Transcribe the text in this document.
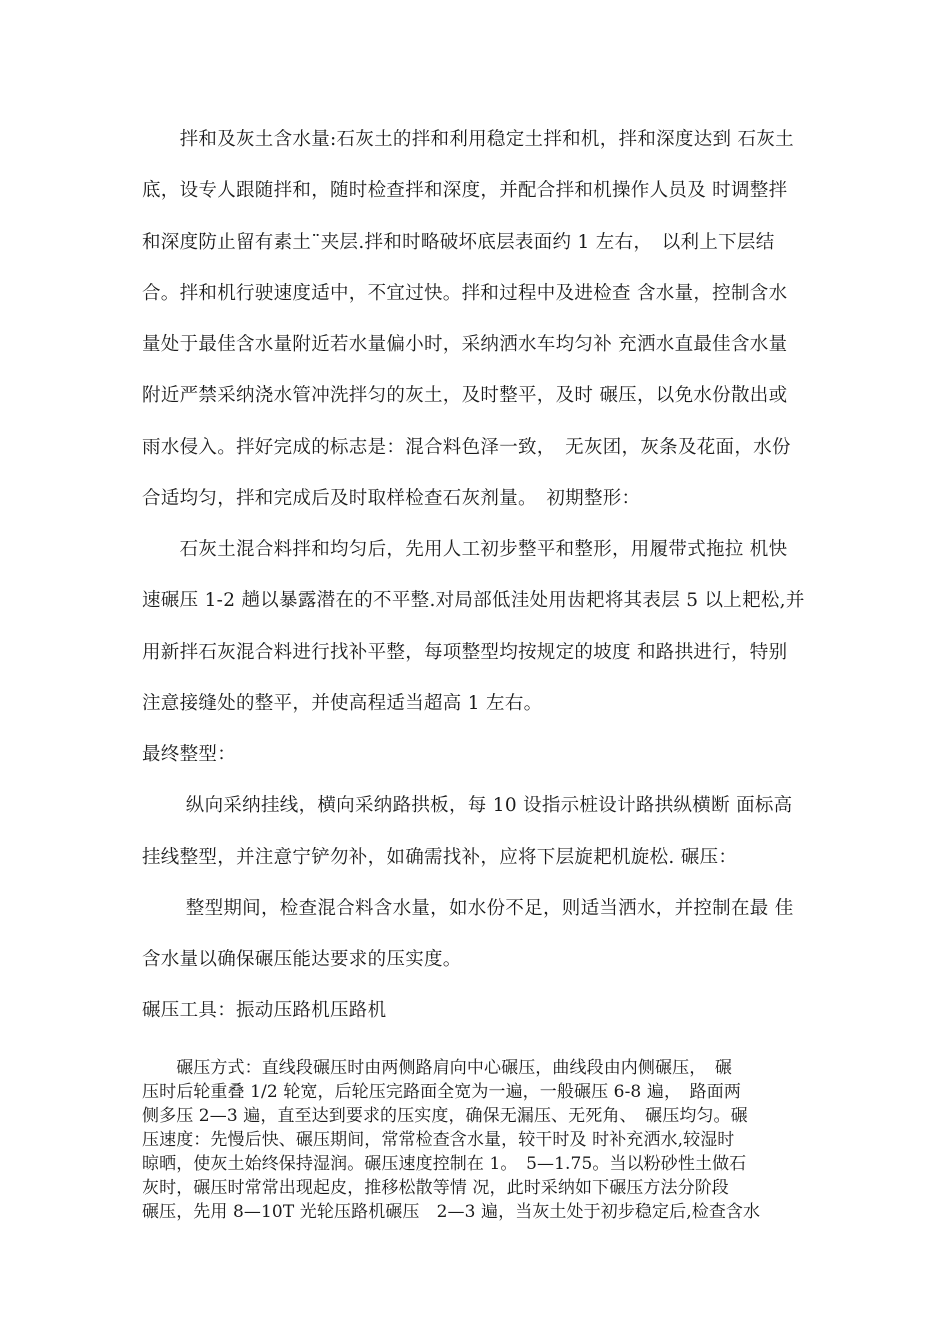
　　拌和及灰土含水量:石灰土的拌和利用稳定土拌和机，拌和深度达到 石灰土
底，设专人跟随拌和，随时检查拌和深度，并配合拌和机操作人员及 时调整拌
和深度防止留有素土¨夹层.拌和时略破坏底层表面约 1 左右，　以利上下层结
合。拌和机行驶速度适中，不宜过快。拌和过程中及进检查 含水量，控制含水
量处于最佳含水量附近若水量偏小时，采纳洒水车均匀补 充洒水直最佳含水量
附近严禁采纳浇水管冲洗拌匀的灰土，及时整平，及时 碾压，以免水份散出或
雨水侵入。拌好完成的标志是：混合料色泽一致，　无灰团，灰条及花面，水份
合适均匀，拌和完成后及时取样检查石灰剂量。　初期整形：
　　石灰土混合料拌和均匀后，先用人工初步整平和整形，用履带式拖拉 机快
速碾压 1-2 趟以暴露潜在的不平整.对局部低洼处用齿耙将其表层 5 以上耙松,并
用新拌石灰混合料进行找补平整，每项整型均按规定的坡度 和路拱进行，特别
注意接缝处的整平，并使高程适当超高 1 左右。
最终整型：
　　 纵向采纳挂线，横向采纳路拱板，每 10 设指示桩设计路拱纵横断 面标高
挂线整型，并注意宁铲勿补，如确需找补，应将下层旋耙机旋松. 碾压：
　　 整型期间，检查混合料含水量，如水份不足，则适当洒水，并控制在最 佳
含水量以确保碾压能达要求的压实度。
碾压工具：振动压路机压路机
　　碾压方式：直线段碾压时由两侧路肩向中心碾压，曲线段由内侧碾压，　碾
压时后轮重叠 1/2 轮宽，后轮压完路面全宽为一遍，一般碾压 6-8 遍，　路面两
侧多压 2—3 遍，直至达到要求的压实度，确保无漏压、无死角、　碾压均匀。碾
压速度：先慢后快、碾压期间，常常检查含水量，较干时及 时补充洒水,较湿时
晾晒，使灰土始终保持湿润。碾压速度控制在 1。　5—1.75。当以粉砂性土做石
灰时，碾压时常常出现起皮，推移松散等情 况，此时采纳如下碾压方法分阶段
碾压，先用 8—10T 光轮压路机碾压　2—3 遍，当灰土处于初步稳定后,检查含水
